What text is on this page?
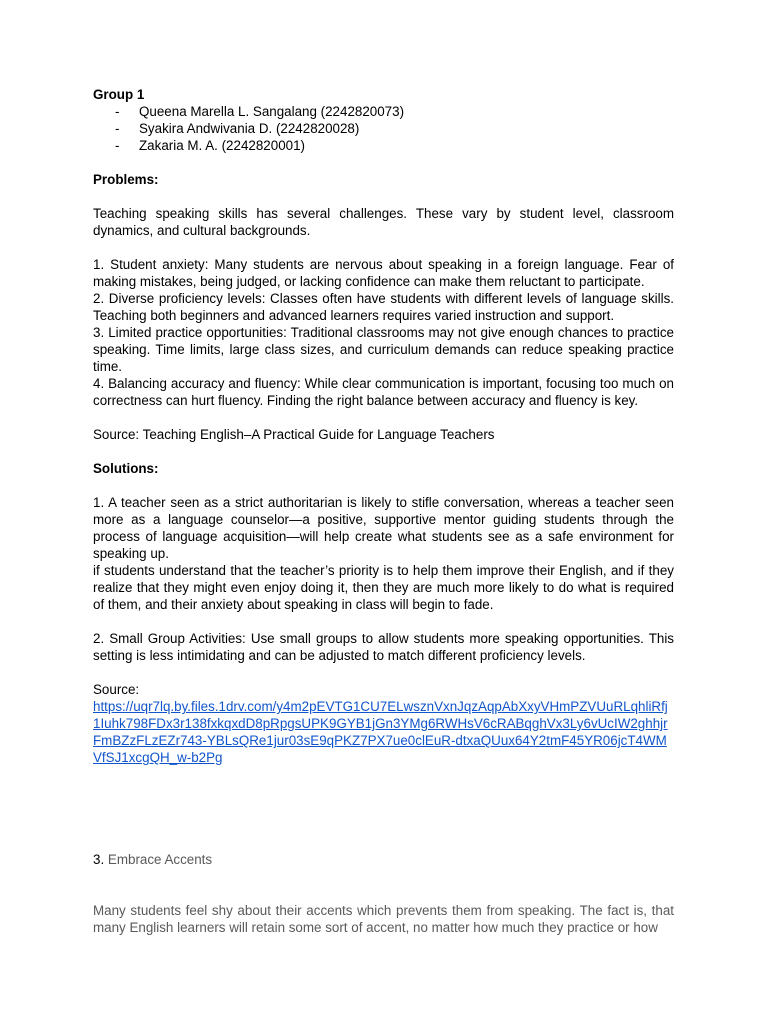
Group 1

- Queena Marella L. Sangalang (2242820073)
- Syakira Andwivania D. (2242820028)
- Zakaria M. A. (2242820001)

Problems:

Teaching speaking skills has several challenges. These vary by student level, classroom dynamics, and cultural backgrounds.

1. Student anxiety: Many students are nervous about speaking in a foreign language. Fear of making mistakes, being judged, or lacking confidence can make them reluctant to participate.

2. Diverse proficiency levels: Classes often have students with different levels of language skills. Teaching both beginners and advanced learners requires varied instruction and support.

3. Limited practice opportunities: Traditional classrooms may not give enough chances to practice speaking. Time limits, large class sizes, and curriculum demands can reduce speaking practice time.

4. Balancing accuracy and fluency: While clear communication is important, focusing too much on correctness can hurt fluency. Finding the right balance between accuracy and fluency is key.

Source: Teaching English–A Practical Guide for Language Teachers

Solutions:

1. A teacher seen as a strict authoritarian is likely to stifle conversation, whereas a teacher seen more as a language counselor—a positive, supportive mentor guiding students through the process of language acquisition—will help create what students see as a safe environment for speaking up.

if students understand that the teacher’s priority is to help them improve their English, and if they realize that they might even enjoy doing it, then they are much more likely to do what is required of them, and their anxiety about speaking in class will begin to fade.

2. Small Group Activities: Use small groups to allow students more speaking opportunities. This setting is less intimidating and can be adjusted to match different proficiency levels.

Source:

https://uqr7lq.by.files.1drv.com/y4m2pEVTG1CU7ELwsznVxnJqzAqpAbXxyVHmPZVUuRLqhliRfj1Iuhk798FDx3r138fxkqxdD8pRpgsUPK9GYB1jGn3YMg6RWHsV6cRABqghVx3Ly6vUcIW2ghhjrFmBZzFLzEZr743-YBLsQRe1jur03sE9qPKZ7PX7ue0clEuR-dtxaQUux64Y2tmF45YR06jcT4WMVfSJ1xcgQH_w-b2Pg

3. Embrace Accents

Many students feel shy about their accents which prevents them from speaking. The fact is, that many English learners will retain some sort of accent, no matter how much they practice or how
